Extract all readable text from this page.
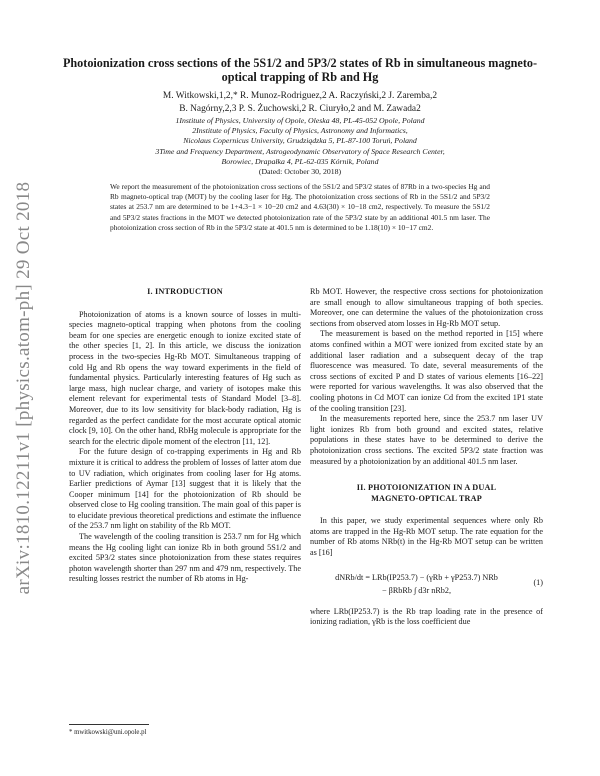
arXiv:1810.12211v1 [physics.atom-ph] 29 Oct 2018
Photoionization cross sections of the 5S1/2 and 5P3/2 states of Rb in simultaneous magneto-optical trapping of Rb and Hg
M. Witkowski,1,2,* R. Munoz-Rodriguez,2 A. Raczyński,2 J. Zaremba,2
B. Nagórny,2,3 P. S. Żuchowski,2 R. Ciuryło,2 and M. Zawada2
1Institute of Physics, University of Opole, Oleska 48, PL-45-052 Opole, Poland
2Institute of Physics, Faculty of Physics, Astronomy and Informatics,
Nicolaus Copernicus University, Grudziądzka 5, PL-87-100 Toruń, Poland
3Time and Frequency Department, Astrogeodynamic Observatory of Space Research Center,
Borowiec, Drapałka 4, PL-62-035 Kórnik, Poland
(Dated: October 30, 2018)
We report the measurement of the photoionization cross sections of the 5S1/2 and 5P3/2 states of 87Rb in a two-species Hg and Rb magneto-optical trap (MOT) by the cooling laser for Hg. The photoionization cross sections of Rb in the 5S1/2 and 5P3/2 states at 253.7 nm are determined to be 1+4.3−1 × 10−20 cm2 and 4.63(30) × 10−18 cm2, respectively. To measure the 5S1/2 and 5P3/2 states fractions in the MOT we detected photoionization rate of the 5P3/2 state by an additional 401.5 nm laser. The photoionization cross section of Rb in the 5P3/2 state at 401.5 nm is determined to be 1.18(10) × 10−17 cm2.
I. INTRODUCTION

Photoionization of atoms is a known source of losses in multi-species magneto-optical trapping when photons from the cooling beam for one species are energetic enough to ionize excited state of the other species [1, 2]. In this article, we discuss the ionization process in the two-species Hg-Rb MOT. Simultaneous trapping of cold Hg and Rb opens the way toward experiments in the field of fundamental physics. Particularly interesting features of Hg such as large mass, high nuclear charge, and variety of isotopes make this element relevant for experimental tests of Standard Model [3–8]. Moreover, due to its low sensitivity for black-body radiation, Hg is regarded as the perfect candidate for the most accurate optical atomic clock [9, 10]. On the other hand, RbHg molecule is appropriate for the search for the electric dipole moment of the electron [11, 12].

For the future design of co-trapping experiments in Hg and Rb mixture it is critical to address the problem of losses of latter atom due to UV radiation, which originates from cooling laser for Hg atoms. Earlier predictions of Aymar [13] suggest that it is likely that the Cooper minimum [14] for the photoionization of Rb should be observed close to Hg cooling transition. The main goal of this paper is to elucidate previous theoretical predictions and estimate the influence of the 253.7 nm light on stability of the Rb MOT.

The wavelength of the cooling transition is 253.7 nm for Hg which means the Hg cooling light can ionize Rb in both ground 5S1/2 and excited 5P3/2 states since photoionization from these states requires photon wavelength shorter than 297 nm and 479 nm, respectively. The resulting losses restrict the number of Rb atoms in Hg-

Rb MOT. However, the respective cross sections for photoionization are small enough to allow simultaneous trapping of both species. Moreover, one can determine the values of the photoionization cross sections from observed atom losses in Hg-Rb MOT setup.

The measurement is based on the method reported in [15] where atoms confined within a MOT were ionized from excited state by an additional laser radiation and a subsequent decay of the trap fluorescence was measured. To date, several measurements of the cross sections of excited P and D states of various elements [16–22] were reported for various wavelengths. It was also observed that the cooling photons in Cd MOT can ionize Cd from the excited 1P1 state of the cooling transition [23].

In the measurements reported here, since the 253.7 nm laser UV light ionizes Rb from both ground and excited states, relative populations in these states have to be determined to derive the photoionization cross sections. The excited 5P3/2 state fraction was measured by a photoionization by an additional 401.5 nm laser.

II. PHOTOIONIZATION IN A DUAL
MAGNETO-OPTICAL TRAP

In this paper, we study experimental sequences where only Rb atoms are trapped in the Hg-Rb MOT setup. The rate equation for the number of Rb atoms NRb(t) in the Hg-Rb MOT setup can be written as [16]

dNRb/dt = LRb(IP253.7) − (γRb + γP253.7) NRb
− βRbRb ∫ d3r nRb2,
(1)

where LRb(IP253.7) is the Rb trap loading rate in the presence of ionizing radiation, γRb is the loss coefficient due

* mwitkowski@uni.opole.pl
